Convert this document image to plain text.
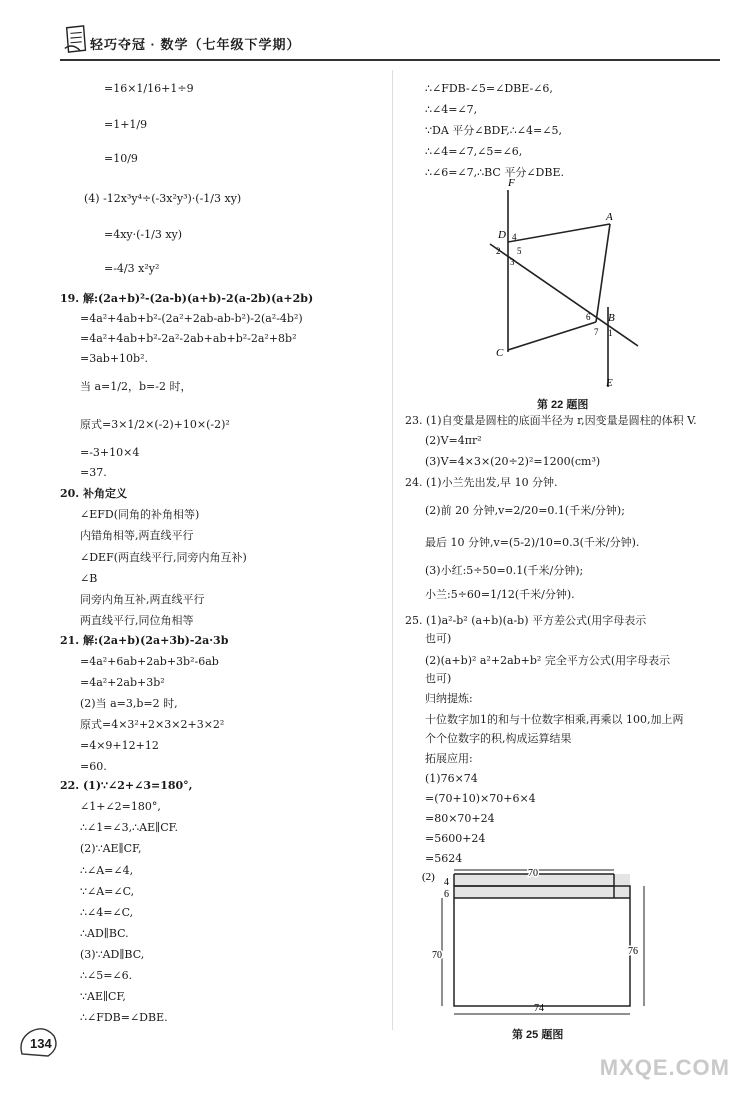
轻巧夺冠 · 数学（七年级下学期）
=16×1/16+1÷9
=1+1/9
=10/9
(4) -12x³y⁴÷(-3x²y³)·(-1/3 xy)
=4xy·(-1/3 xy)
=-4/3 x²y²
19. 解:(2a+b)²-(2a-b)(a+b)-2(a-2b)(a+2b)
=4a²+4ab+b²-(2a²+2ab-ab-b²)-2(a²-4b²)
=4a²+4ab+b²-2a²-2ab+ab+b²-2a²+8b²
=3ab+10b².
当 a=1/2，b=-2 时，
原式=3×1/2×(-2)+10×(-2)²
=-3+10×4
=37.
20. 补角定义
∠EFD(同角的补角相等)
内错角相等,两直线平行
∠DEF(两直线平行,同旁内角互补)
∠B
同旁内角互补,两直线平行
两直线平行,同位角相等
21. 解:(2a+b)(2a+3b)-2a·3b
=4a²+6ab+2ab+3b²-6ab
=4a²+2ab+3b²
(2)当 a=3,b=2 时,
原式=4×3²+2×3×2+3×2²
=4×9+12+12
=60.
22. (1)∵∠2+∠3=180°,
∠1+∠2=180°,
∴∠1=∠3,∴AE∥CF.
(2)∵AE∥CF,
∴∠A=∠4,
∵∠A=∠C,
∴∠4=∠C,
∴AD∥BC.
(3)∵AD∥BC,
∴∠5=∠6.
∵AE∥CF,
∴∠FDB=∠DBE.
∴∠FDB-∠5=∠DBE-∠6,
∴∠4=∠7,
∵DA 平分∠BDF,∴∠4=∠5,
∴∠4=∠7,∠5=∠6,
∴∠6=∠7,∴BC 平分∠DBE.
F
A
D 4
5
2
3
6 B
7 1
C
E
第 22 题图
23. (1)自变量是圆柱的底面半径为 r,因变量是圆柱的体积 V.
(2)V=4πr²
(3)V=4×3×(20÷2)²=1200(cm³)
24. (1)小兰先出发,早 10 分钟.
(2)前 20 分钟,v=2/20=0.1(千米/分钟);
最后 10 分钟,v=(5-2)/10=0.3(千米/分钟).
(3)小红:5÷50=0.1(千米/分钟);
小兰:5÷60=1/12(千米/分钟).
25. (1)a²-b² (a+b)(a-b) 平方差公式(用字母表示
也可)
(2)(a+b)² a²+2ab+b² 完全平方公式(用字母表示
也可)
归纳提炼:
十位数字加1的和与十位数字相乘,再乘以 100,加上两
个个位数字的积,构成运算结果
拓展应用:
(1)76×74
=(70+10)×70+6×4
=80×70+24
=5600+24
=5624
(2)	70
4
6
70	76
74
第 25 题图
134
MXQE.COM
